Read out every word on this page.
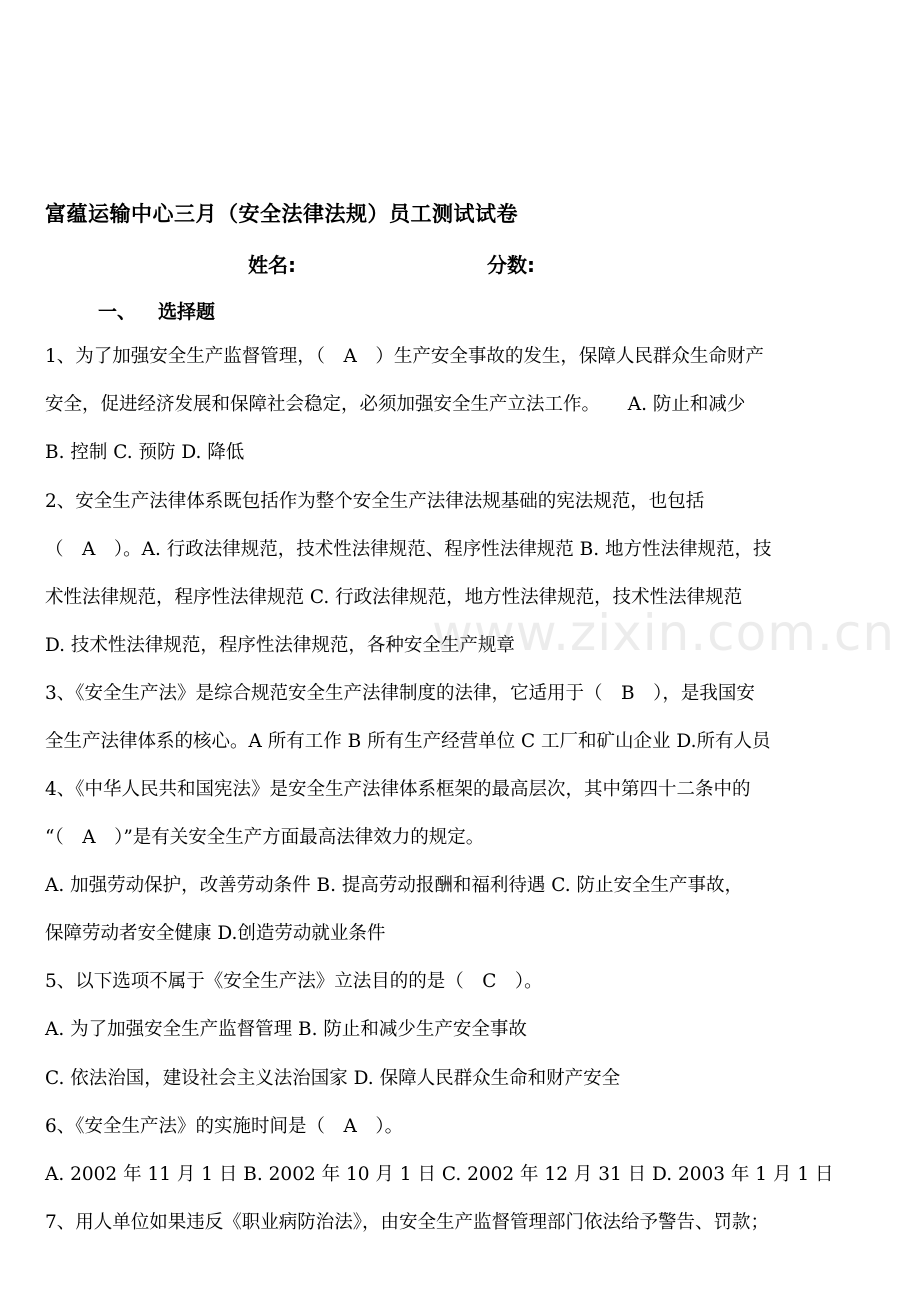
富蕴运输中心三月（安全法律法规）员工测试试卷
姓名:	分数:
一、 选择题
1、为了加强安全生产监督管理，（　A　）生产安全事故的发生，保障人民群众生命财产
安全，促进经济发展和保障社会稳定，必须加强安全生产立法工作。　　A. 防止和减少
B. 控制 C. 预防 D. 降低
2、安全生产法律体系既包括作为整个安全生产法律法规基础的宪法规范，也包括
（　A　）。A. 行政法律规范，技术性法律规范、程序性法律规范 B. 地方性法律规范，技
术性法律规范，程序性法律规范 C. 行政法律规范，地方性法律规范，技术性法律规范
D. 技术性法律规范，程序性法律规范，各种安全生产规章
3、《安全生产法》是综合规范安全生产法律制度的法律，它适用于（　B　），是我国安
全生产法律体系的核心。A 所有工作 B 所有生产经营单位 C 工厂和矿山企业 D.所有人员
4、《中华人民共和国宪法》是安全生产法律体系框架的最高层次，其中第四十二条中的
“（　A　）”是有关安全生产方面最高法律效力的规定。
A. 加强劳动保护，改善劳动条件 B. 提高劳动报酬和福利待遇 C. 防止安全生产事故，
保障劳动者安全健康 D.创造劳动就业条件
5、以下选项不属于《安全生产法》立法目的的是（　C　）。
A. 为了加强安全生产监督管理 B. 防止和减少生产安全事故
C. 依法治国，建设社会主义法治国家 D. 保障人民群众生命和财产安全
6、《安全生产法》的实施时间是（　A　）。
A. 2002 年 11 月 1 日 B. 2002 年 10 月 1 日 C. 2002 年 12 月 31 日 D. 2003 年 1 月 1 日
7、用人单位如果违反《职业病防治法》，由安全生产监督管理部门依法给予警告、罚款；
www.zixin.com.cn
